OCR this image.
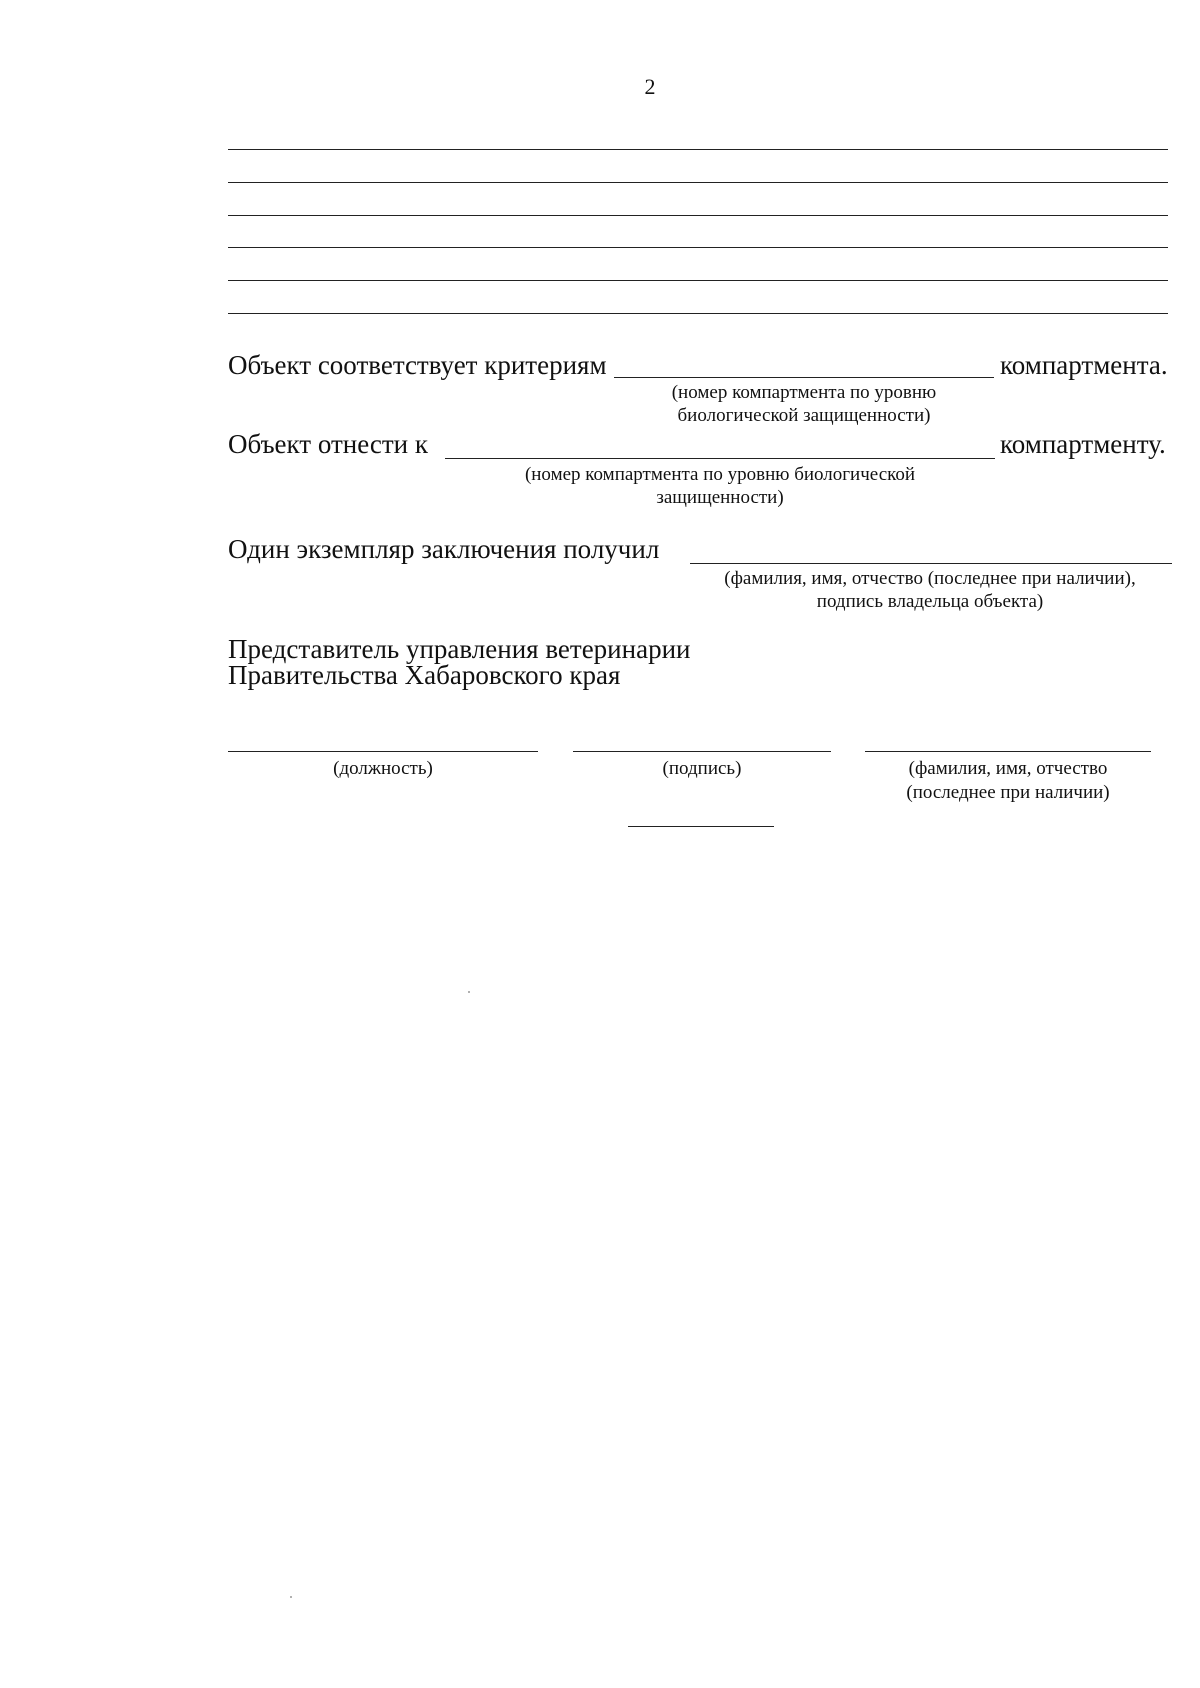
2
Объект соответствует критериям	компартмента.
(номер компартмента по уровню
биологической защищенности)
Объект отнести к	компартменту.
(номер компартмента по уровню биологической
защищенности)
Один экземпляр заключения получил
(фамилия, имя, отчество (последнее при наличии),
подпись владельца объекта)
Представитель управления ветеринарии
Правительства Хабаровского края
(должность)	(подпись)	(фамилия, имя, отчество
(последнее при наличии)
